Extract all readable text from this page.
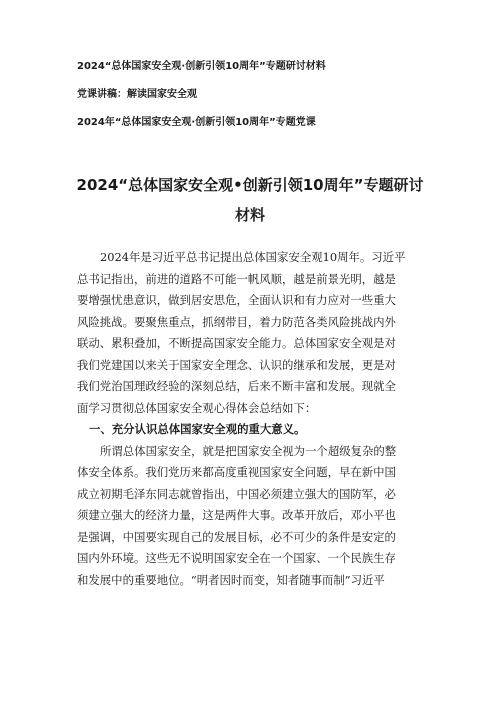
2024“总体国家安全观·创新引领10周年”专题研讨材料
党课讲稿：解读国家安全观
2024年“总体国家安全观·创新引领10周年”专题党课
2024“总体国家安全观•创新引领10周年”专题研讨
材料
2024年是习近平总书记提出总体国家安全观10周年。习近平
总书记指出，前进的道路不可能一帆风顺，越是前景光明，越是
要增强忧患意识，做到居安思危，全面认识和有力应对一些重大
风险挑战。要聚焦重点，抓纲带目，着力防范各类风险挑战内外
联动、累积叠加，不断提高国家安全能力。总体国家安全观是对
我们党建国以来关于国家安全理念、认识的继承和发展，更是对
我们党治国理政经验的深刻总结，后来不断丰富和发展。现就全
面学习贯彻总体国家安全观心得体会总结如下：
一、充分认识总体国家安全观的重大意义。
所谓总体国家安全，就是把国家安全视为一个超级复杂的整
体安全体系。我们党历来都高度重视国家安全问题，早在新中国
成立初期毛泽东同志就曾指出，中国必须建立强大的国防军，必
须建立强大的经济力量，这是两件大事。改革开放后，邓小平也
是强调，中国要实现自己的发展目标，必不可少的条件是安定的
国内外环境。这些无不说明国家安全在一个国家、一个民族生存
和发展中的重要地位。“明者因时而变，知者随事而制”习近平
